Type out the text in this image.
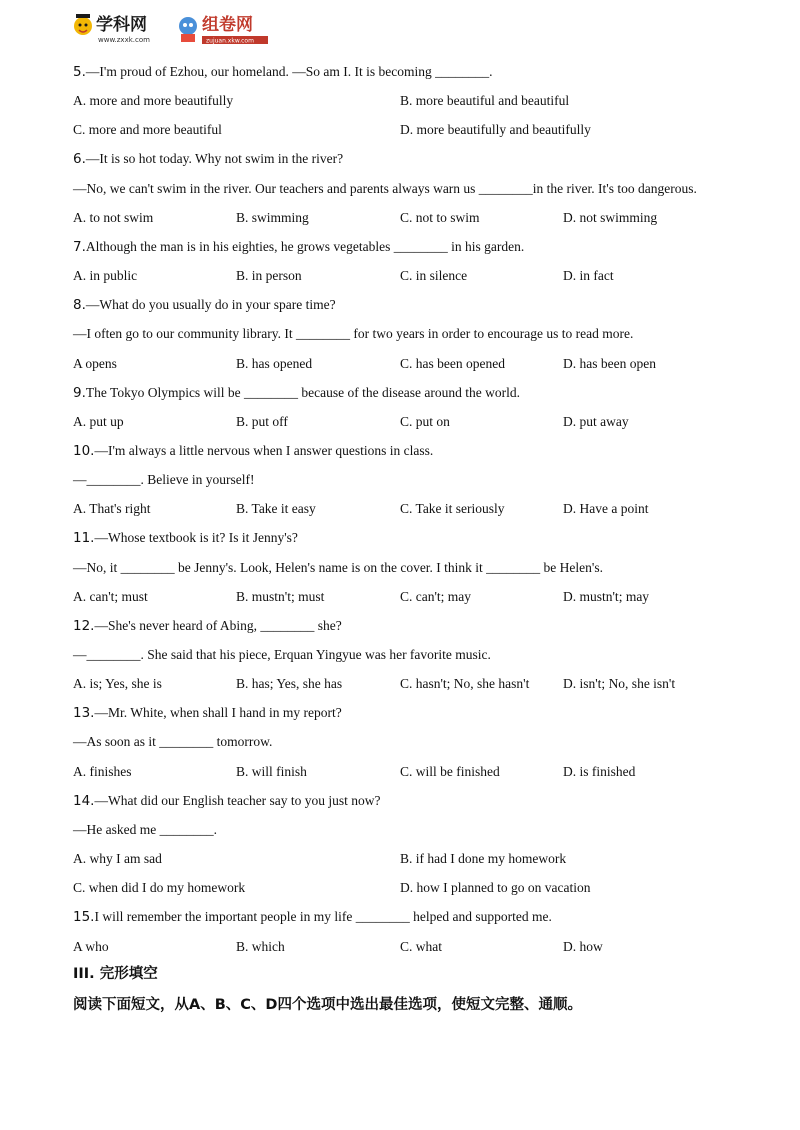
学科网
www.zxxk.com
组卷网
zujuan.xkw.com
5.—I'm proud of Ezhou, our homeland. —So am I. It is becoming ________.
A. more and more beautifully	B. more beautiful and beautiful
C. more and more beautiful	D. more beautifully and beautifully
6.—It is so hot today. Why not swim in the river?
—No, we can't swim in the river. Our teachers and parents always warn us ________in the river. It's too dangerous.
A. to not swim	B. swimming	C. not to swim	D. not swimming
7.Although the man is in his eighties, he grows vegetables ________ in his garden.
A. in public	B. in person	C. in silence	D. in fact
8.—What do you usually do in your spare time?
—I often go to our community library. It ________ for two years in order to encourage us to read more.
A opens	B. has opened	C. has been opened	D. has been open
9.The Tokyo Olympics will be ________ because of the disease around the world.
A. put up	B. put off	C. put on	D. put away
10.—I'm always a little nervous when I answer questions in class.
—________. Believe in yourself!
A. That's right	B. Take it easy	C. Take it seriously	D. Have a point
11.—Whose textbook is it? Is it Jenny's?
—No, it ________ be Jenny's. Look, Helen's name is on the cover. I think it ________ be Helen's.
A. can't; must	B. mustn't; must	C. can't; may	D. mustn't; may
12.—She's never heard of Abing, ________ she?
—________. She said that his piece, Erquan Yingyue was her favorite music.
A. is; Yes, she is	B. has; Yes, she has	C. hasn't; No, she hasn't D. isn't; No, she isn't
13.—Mr. White, when shall I hand in my report?
—As soon as it ________ tomorrow.
A. finishes	B. will finish	C. will be finished	D. is finished
14.—What did our English teacher say to you just now?
—He asked me ________.
A. why I am sad	B. if had I done my homework
C. when did I do my homework	D. how I planned to go on vacation
15.I will remember the important people in my life ________ helped and supported me.
A who	B. which	C. what	D. how
III. 完形填空
阅读下面短文，从A、B、C、D四个选项中选出最佳选项，使短文完整、通顺。
